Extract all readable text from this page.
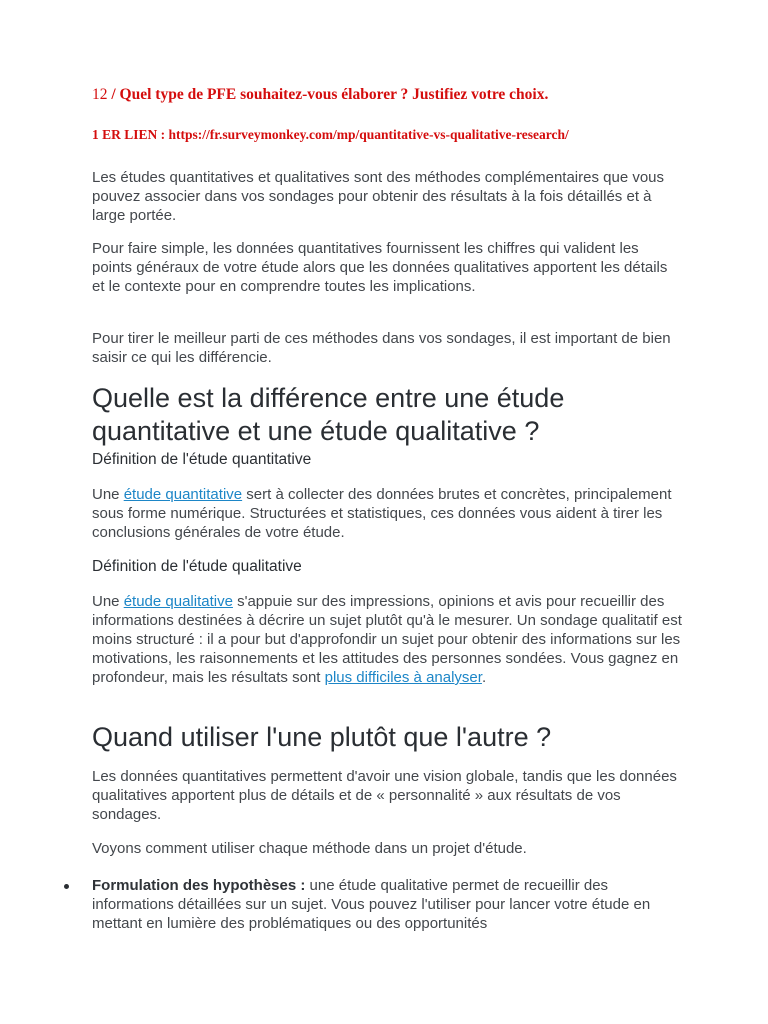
12 / Quel type de PFE souhaitez-vous élaborer ? Justifiez votre choix.

1 ER LIEN : https://fr.surveymonkey.com/mp/quantitative-vs-qualitative-research/

Les études quantitatives et qualitatives sont des méthodes complémentaires que vous pouvez associer dans vos sondages pour obtenir des résultats à la fois détaillés et à large portée.

Pour faire simple, les données quantitatives fournissent les chiffres qui valident les points généraux de votre étude alors que les données qualitatives apportent les détails et le contexte pour en comprendre toutes les implications.

Pour tirer le meilleur parti de ces méthodes dans vos sondages, il est important de bien saisir ce qui les différencie.

Quelle est la différence entre une étude quantitative et une étude qualitative ?
Définition de l'étude quantitative

Une étude quantitative sert à collecter des données brutes et concrètes, principalement sous forme numérique. Structurées et statistiques, ces données vous aident à tirer les conclusions générales de votre étude.

Définition de l'étude qualitative

Une étude qualitative s'appuie sur des impressions, opinions et avis pour recueillir des informations destinées à décrire un sujet plutôt qu'à le mesurer. Un sondage qualitatif est moins structuré : il a pour but d'approfondir un sujet pour obtenir des informations sur les motivations, les raisonnements et les attitudes des personnes sondées. Vous gagnez en profondeur, mais les résultats sont plus difficiles à analyser.

Quand utiliser l'une plutôt que l'autre ?

Les données quantitatives permettent d'avoir une vision globale, tandis que les données qualitatives apportent plus de détails et de « personnalité » aux résultats de vos sondages.

Voyons comment utiliser chaque méthode dans un projet d'étude.

Formulation des hypothèses : une étude qualitative permet de recueillir des informations détaillées sur un sujet. Vous pouvez l'utiliser pour lancer votre étude en mettant en lumière des problématiques ou des opportunités
